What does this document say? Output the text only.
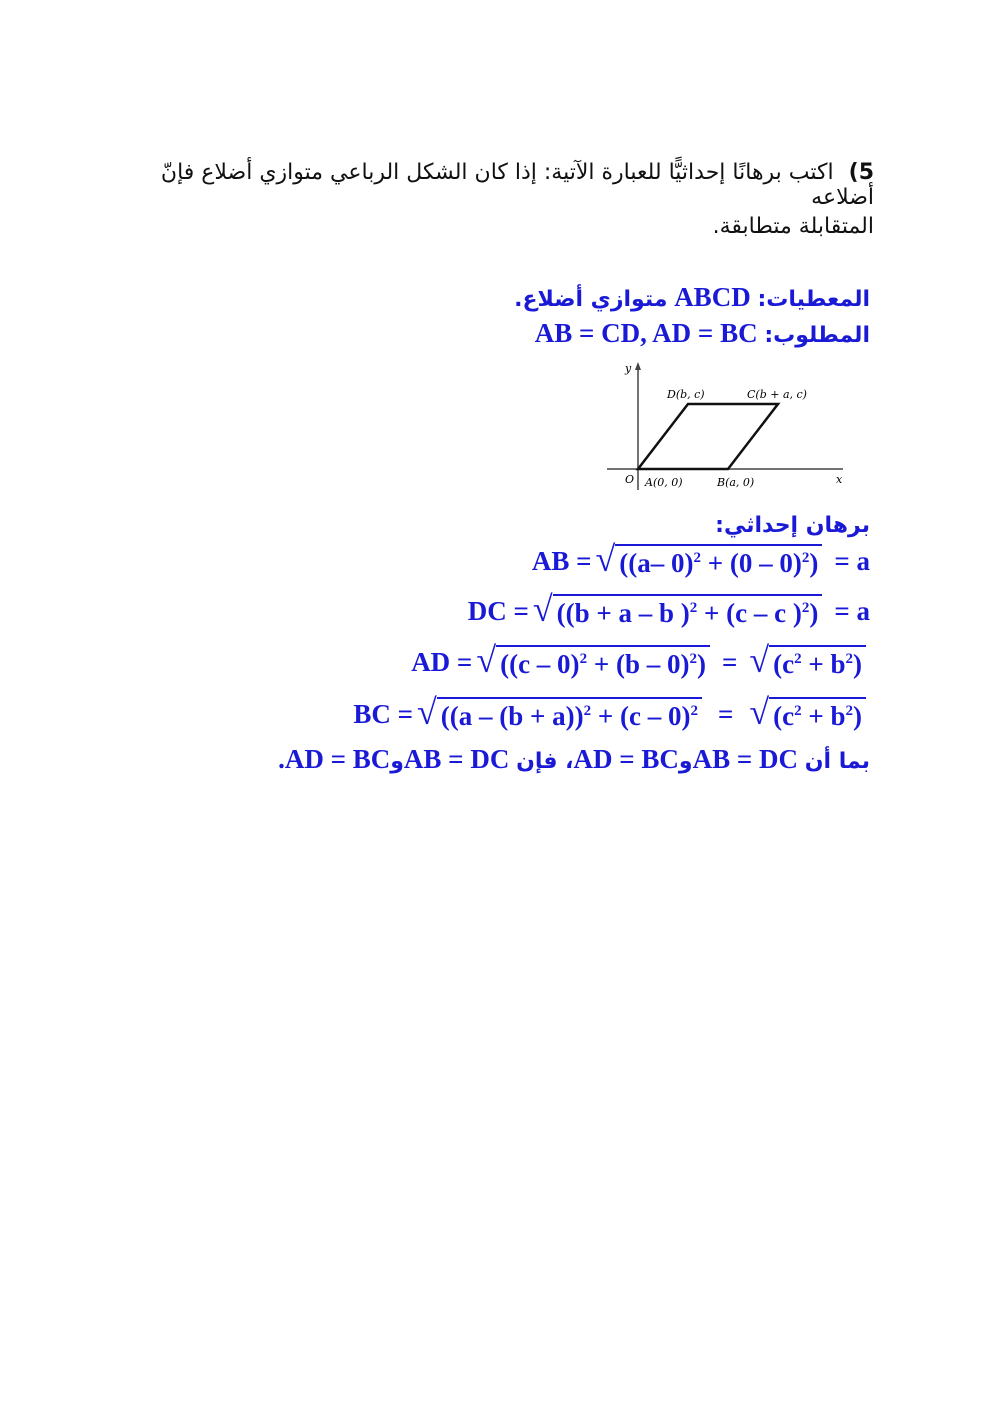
5) اكتب برهانًا إحداثيًّا للعبارة الآتية: إذا كان الشكل الرباعي متوازي أضلاع فإنّ أضلاعه
المتقابلة متطابقة.
المعطيات: ABCD متوازي أضلاع.
المطلوب: AB = CD, AD = BC
y
x
O A(0, 0)	B(a, 0)
D(b, c)	C(b + a, c)
برهان إحداثي:
AB = √ ((a– 0)$^2$ + (0 – 0)$^2$) = a
DC = √ ((b + a – b )$^2$ + (c – c )$^2$) = a
AD = √ ((c – 0)$^2$ + (b – 0)$^2$) = √ $(c^2 + b^2)$
BC = √ ($(a - (b + a))^2 + (c - 0)^2$ = √ $(c^2 + b^2)$
بما أن AB = DCوAD = BC، فإن AB = DCوAD = BC.
